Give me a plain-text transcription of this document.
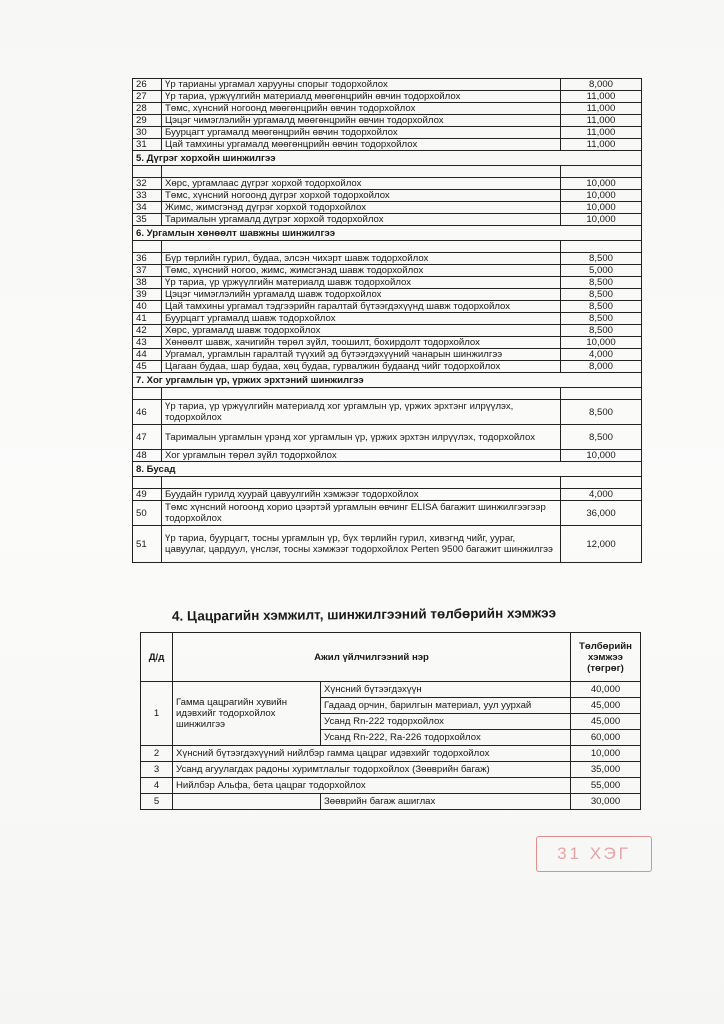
26	Үр тарианы ургамал харууны спорыг тодорхойлох	8,000
27	Үр тариа, үржүүлгийн материалд мөөгөнцрийн өвчин тодорхойлох	11,000
28	Төмс, хүнсний ногоонд мөөгөнцрийн өвчин тодорхойлох	11,000
29	Цэцэг чимэглэлийн ургамалд мөөгөнцрийн өвчин тодорхойлох	11,000
30	Буурцагт ургамалд мөөгөнцрийн өвчин тодорхойлох	11,000
31	Цай тамхины ургамалд мөөгөнцрийн өвчин тодорхойлох	11,000
5. Дүгрэг хорхойн шинжилгээ		

32	Хөрс, ургамлаас дүгрэг хорхой тодорхойлох	10,000
33	Төмс, хүнсний ногоонд дүгрэг хорхой тодорхойлох	10,000
34	Жимс, жимсгэнэд дүгрэг хорхой тодорхойлох	10,000
35	Тарималын ургамалд дүгрэг хорхой тодорхойлох	10,000
6. Ургамлын хөнөөлт шавжны шинжилгээ		

36	Бүр төрлийн гурил, будаа, элсэн чихэрт шавж тодорхойлох	8,500
37	Төмс, хүнсний ногоо, жимс, жимсгэнэд шавж тодорхойлох	5,000
38	Үр тариа, үр үржүүлгийн материалд шавж тодорхойлох	8,500
39	Цэцэг чимэглэлийн ургамалд шавж тодорхойлох	8,500
40	Цай тамхины ургамал тэдгээрийн гаралтай бүтээгдэхүүнд шавж тодорхойлох	8,500
41	Буурцагт ургамалд шавж тодорхойлох	8,500
42	Хөрс, ургамалд шавж тодорхойлох	8,500
43	Хөнөөлт шавж, хачигийн төрөл зүйл, тоошилт, бохирдолт тодорхойлох	10,000
44	Ургамал, ургамлын гаралтай түүхий эд бүтээгдэхүүний чанарын шинжилгээ	4,000
45	Цагаан будаа, шар будаа, хөц будаа, гурвалжин будаанд чийг тодорхойлох	8,000
7. Хог ургамлын үр, үржих эрхтэний шинжилгээ		

46	Үр тариа, үр үржүүлгийн материалд хог ургамлын үр, үржих эрхтэнг илрүүлэх, тодорхойлох	8,500
47	Тарималын ургамлын үрэнд хог ургамлын үр, үржих эрхтэн илрүүлэх, тодорхойлох	8,500
48	Хог ургамлын төрөл зүйл тодорхойлох	10,000
8. Бусад		

49	Буудайн гурилд хуурай цавуулгийн хэмжээг тодорхойлох	4,000
50	Төмс хүнсний ногоонд хорио цээртэй ургамлын өвчинг ELISA багажит шинжилгээгээр тодорхойлох	36,000
51	Үр тариа, буурцагт, тосны ургамлын үр, бүх төрлийн гурил, хивэгнд чийг, уураг, цавуулаг, цардуул, үнслэг, тосны хэмжээг тодорхойлох Perten 9500 багажит шинжилгээ	12,000
4. Цацрагийн хэмжилт, шинжилгээний төлбөрийн хэмжээ
Д/д	Ажил үйлчилгээний нэр		Төлбөрийн хэмжээ (төгрөг)
1	Гамма цацрагийн хувийн идэвхийг тодорхойлох шинжилгээ	Хүнсний бүтээгдэхүүн	40,000
		Гадаад орчин, барилгын материал, уул уурхай	45,000
		Усанд Rn-222 тодорхойлох	45,000
		Усанд Rn-222, Ra-226 тодорхойлох	60,000
2	Хүнсний бүтээгдэхүүний нийлбэр гамма цацраг идэвхийг тодорхойлох		10,000
3	Усанд агуулагдах радоны хуримтлалыг тодорхойлох (Зөөврийн багаж)		35,000
4	Нийлбэр Альфа, бета цацраг тодорхойлох		55,000
5		Зөөврийн багаж ашиглах	30,000
31 ХЭГ
